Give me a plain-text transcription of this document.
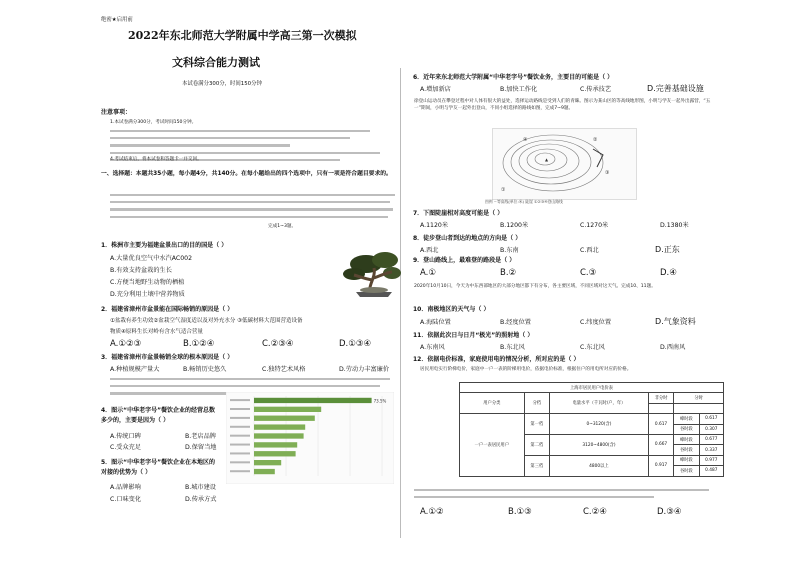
绝密★启用前
2022年东北师范大学附属中学高三第一次模拟
文科综合能力测试
本试卷满分300分，时间150分钟
注意事项：
1.本试卷满分300分，考试时间150分钟。
4.考试结束后，将本试卷和答题卡一并交回。
一、选择题：本题共35小题，每小题4分，共140分。在每小题给出的四个选项中，只有一项是符合题目要求的。
完成1~3题。
1．株洲市主要为福建盆景出口的目的国是（ ）
A.大量优良空气中水汽AC002
B.有效支持盆栽的生长
C.方便当地野生动物的栖植
D.充分利用土壤中营养物质
2．福建省漳州市盆景能在国际畅销的原因是（ ）
①盆栽有养生功效②盆栽空气湿度适以及对外充水分 ③低碳材料大范围营造设备
物质④原料生长对岭有含水气适合营量
A.①②③	B.①②④	C.②③④	D.①③④
3．福建省漳州市盆景畅销全球的根本原因是（ ）
A.种植规模产量大	B.畅销历史悠久	C.独特艺术风格	D.劳动力丰富廉价
4．图示“中华老字号”餐饮企业的经营总数多少的，主要是因为（ ）
A.传统口碑	B.老店品牌
C.受众充足	D.保留当地
5．图示“中华老字号”餐饮企业在本地区的对接的优势为（ ）
A.品牌影响	B.城市建设
C.口味变化	D.传承方式
73.5%
6．近年来东北师范大学附属“中华老字号”餐饮业务，主要目的可能是（ ）
A.增加新店	B.加快工作化	C.传承技艺	D.完善基础设施
徐登山运动员在攀登过程中对人体有很大的益处，选择运动路线是受到人们的青睐。图示为某山区的等高线地形图，小明与学友一起外出露营，“五一”期间，小明与学友一起外出登山，不同小组选择的路线如图，完成7~9题。
①
②
③
④
▲
图例 ~等高线(单位:米) 陡崖 ①②③④登山路线
7．下图陡崖相对高度可能是（ ）
A.1120米	B.1200米	C.1270米	D.1380米
8．徒步登山者到达的地点的方向是（ ）
A.西北	B.东南	C.西北	D.正东
9．登山路线上，最难登的路段是（ ）
A.①	B.②	C.③	D.④
2020年10月10日，今天为中东西部地区的大部分地区都下有分布，各主要区域，不同区域对这天气。完成10、11题。
10．南极地区的天气与（ ）
A.海陆位置	B.经度位置	C.纬度位置	D.气象资料
11．依据此次日与日月“极光”的照射地（ ）
A.东南风	B.东北风	C.东北风	D.西南风
12．依据电价标准，家庭使用电的情况分析，所对应的是（ ）
居民用电实行阶梯电价，家庭中一户一表的阶梯用电价，依据电价标准，根据住户的用电所对应的价格。
上海市居民用户电价表					
用户分类	分档	电量水平（千瓦时/户，年）	非分时	分时	

一户一表居民用户	第一档	0~3120(含)	0.617	峰时段	0.617
				谷时段	0.307
	第二档	3120~4800(含)	0.667	峰时段	0.677
				谷时段	0.337
	第三档	4800以上	0.917	峰时段	0.977
				谷时段	0.487
A.①②	B.①③	C.②④	D.③④
